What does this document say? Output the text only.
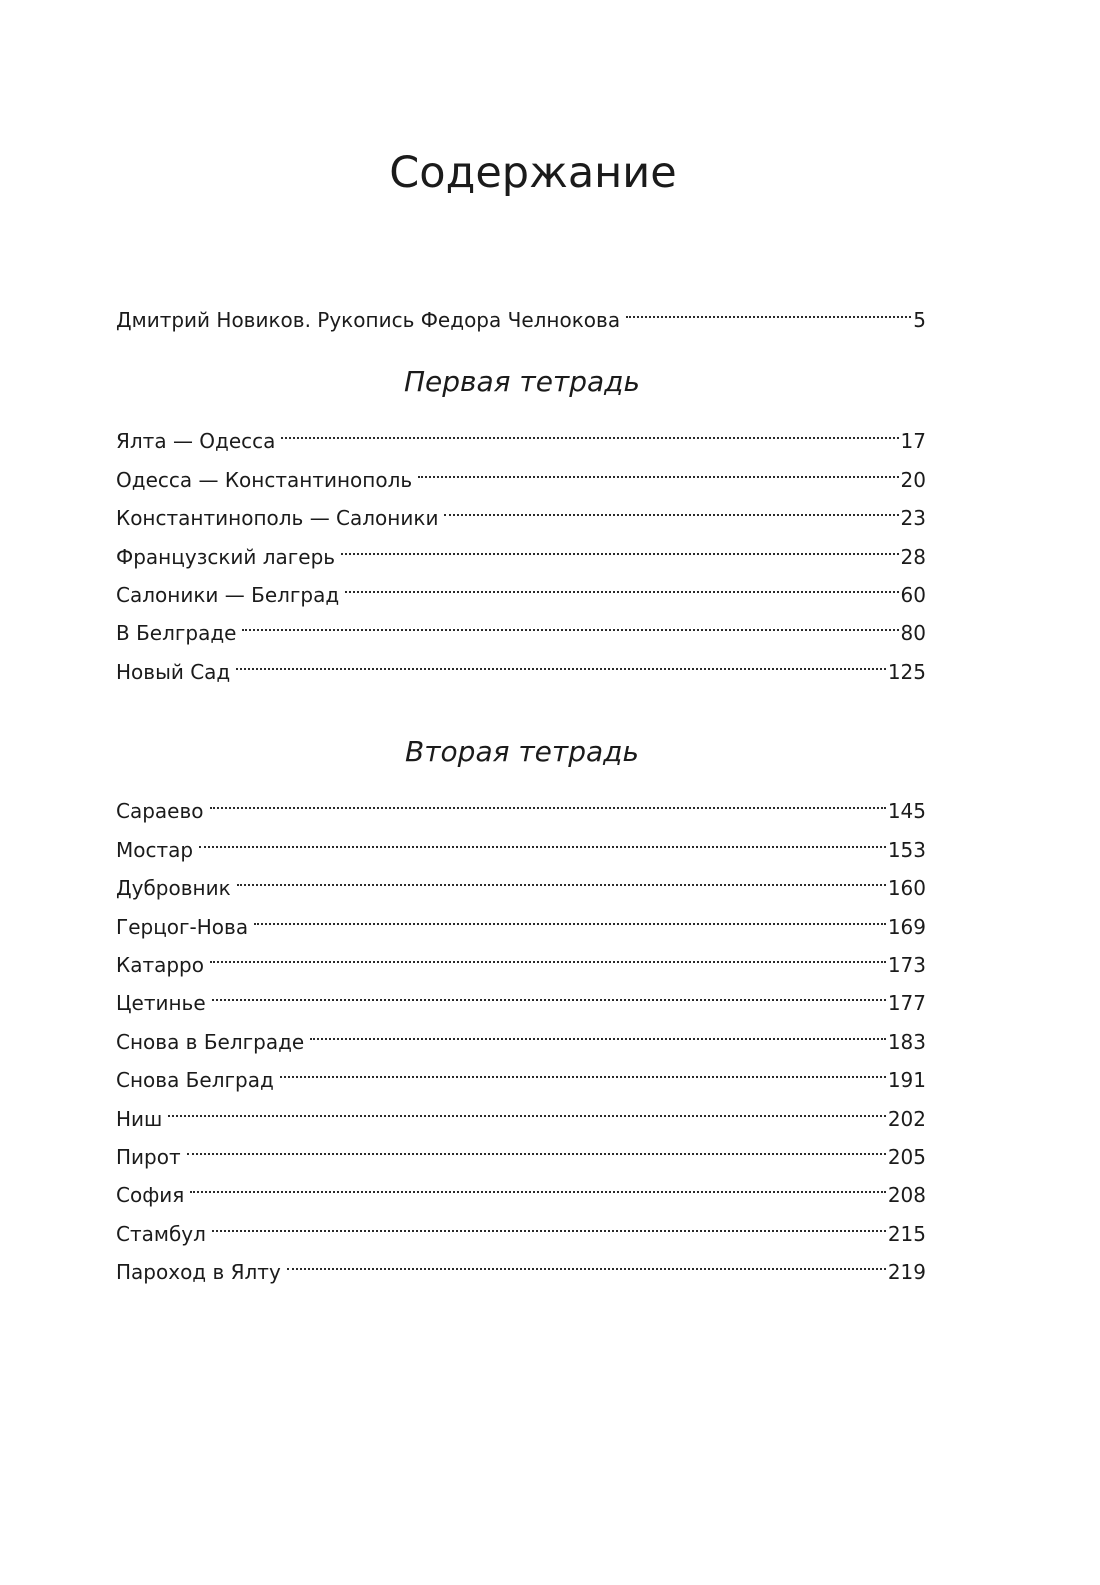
Содержание
Дмитрий Новиков. Рукопись Федора Челнокова	5
Первая тетрадь
Ялта — Одесса	17
Одесса — Константинополь	20
Константинополь — Салоники	23
Французский лагерь	28
Салоники — Белград	60
В Белграде	80
Новый Сад	125
Вторая тетрадь
Сараево	145
Мостар	153
Дубровник	160
Герцог-Нова	169
Катарро	173
Цетинье	177
Снова в Белграде	183
Снова Белград	191
Ниш	202
Пирот	205
София	208
Стамбул	215
Пароход в Ялту	219
